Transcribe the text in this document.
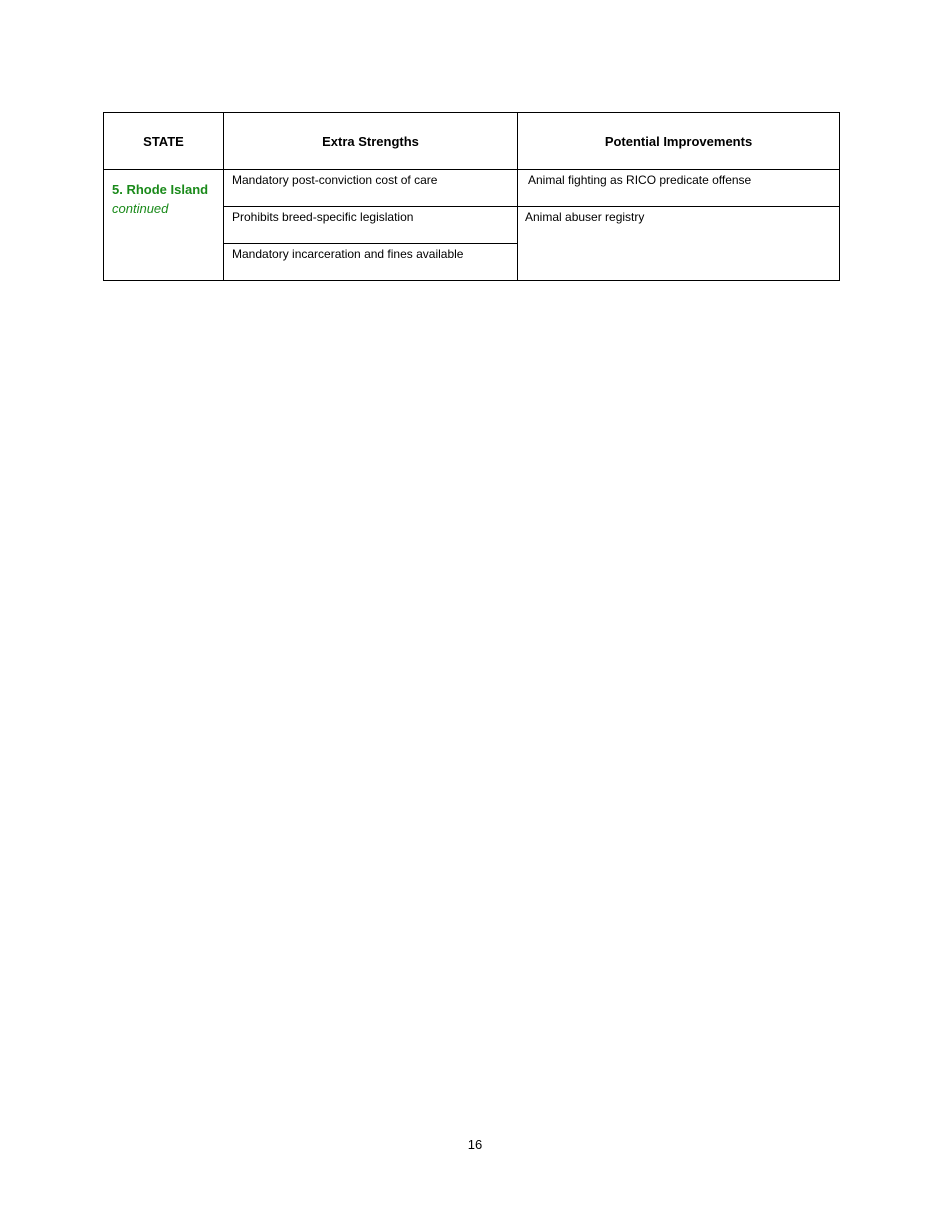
STATE	Extra Strengths	Potential Improvements

5. Rhode Island
continued	Mandatory post-conviction cost of care	Animal fighting as RICO predicate offense
	Prohibits breed-specific legislation	Animal abuser registry
	Mandatory incarceration and fines available	
16
